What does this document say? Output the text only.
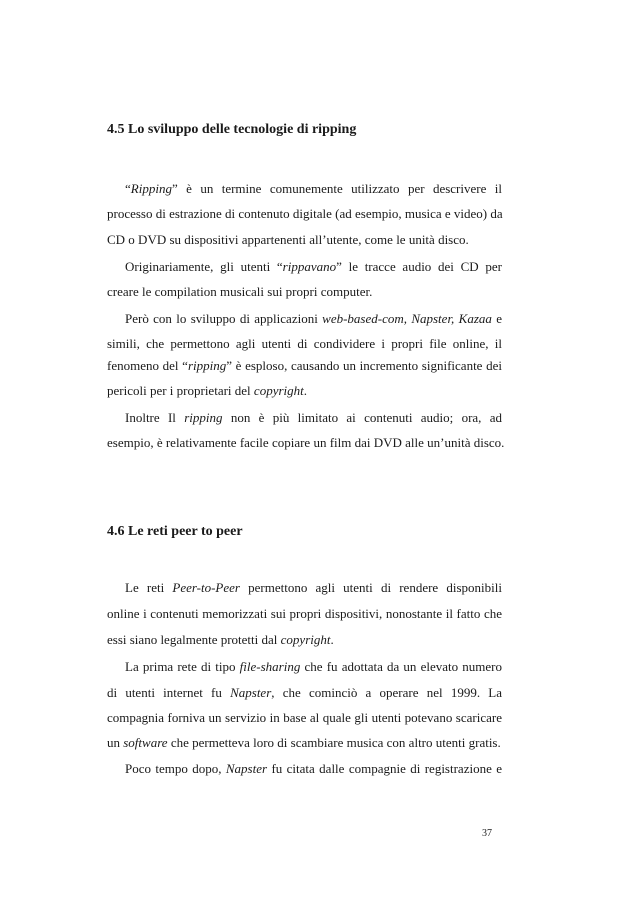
4.5 Lo sviluppo delle tecnologie di ripping
“Ripping” è un termine comunemente utilizzato per descrivere il
processo di estrazione di contenuto digitale (ad esempio, musica e video) da
CD o DVD su dispositivi appartenenti all’utente, come le unità disco.
Originariamente, gli utenti “rippavano” le tracce audio dei CD per
creare le compilation musicali sui propri computer.
Però con lo sviluppo di applicazioni web-based-com, Napster, Kazaa e
simili, che permettono agli utenti di condividere i propri file online, il
fenomeno del “ripping” è esploso, causando un incremento significante dei
pericoli per i proprietari del copyright.
Inoltre Il ripping non è più limitato ai contenuti audio; ora, ad
esempio, è relativamente facile copiare un film dai DVD alle un’unità disco.
4.6 Le reti peer to peer
Le reti Peer-to-Peer permettono agli utenti di rendere disponibili
online i contenuti memorizzati sui propri dispositivi, nonostante il fatto che
essi siano legalmente protetti dal copyright.
La prima rete di tipo file-sharing che fu adottata da un elevato numero
di utenti internet fu Napster, che cominciò a operare nel 1999. La
compagnia forniva un servizio in base al quale gli utenti potevano scaricare
un software che permetteva loro di scambiare musica con altro utenti gratis.
Poco tempo dopo, Napster fu citata dalle compagnie di registrazione e
37
